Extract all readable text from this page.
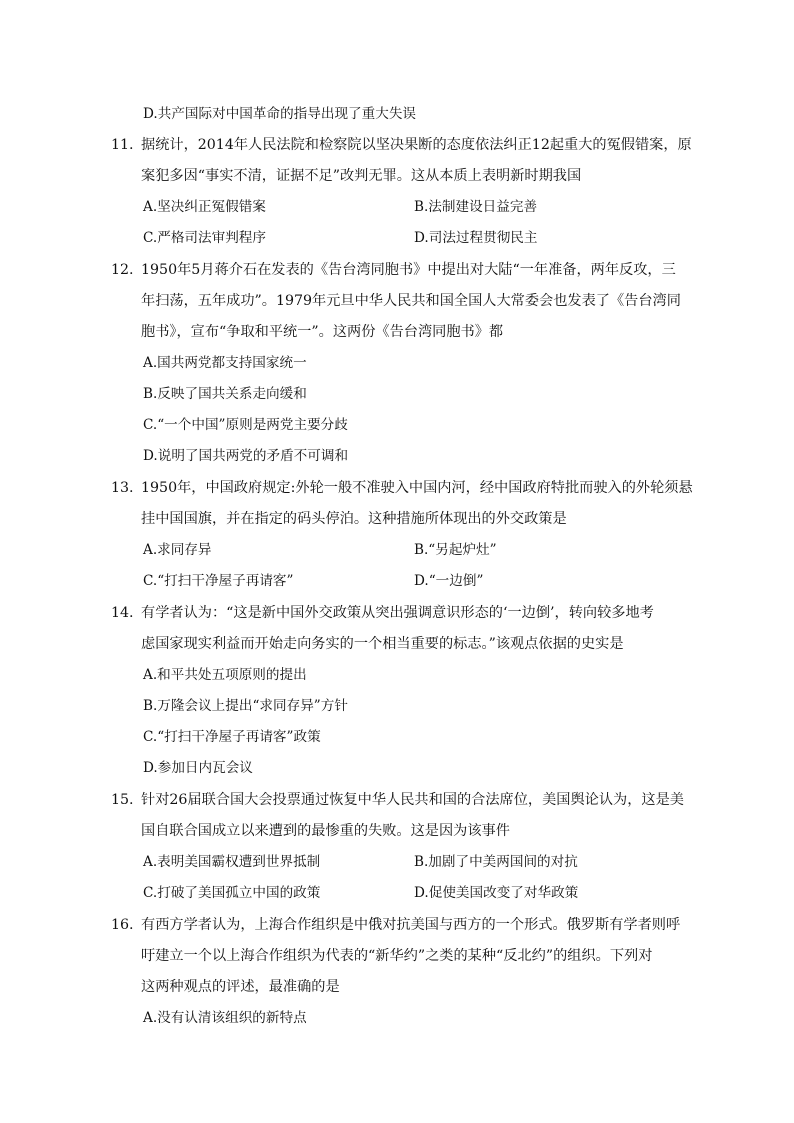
D.共产国际对中国革命的指导出现了重大失误
11. 据统计，2014年人民法院和检察院以坚决果断的态度依法纠正12起重大的冤假错案，原
案犯多因“事实不清，证据不足”改判无罪。这从本质上表明新时期我国
A.坚决纠正冤假错案	B.法制建设日益完善
C.严格司法审判程序	D.司法过程贯彻民主
12. 1950年5月蒋介石在发表的《告台湾同胞书》中提出对大陆“一年准备，两年反攻，三
年扫荡，五年成功”。1979年元旦中华人民共和国全国人大常委会也发表了《告台湾同
胞书》，宣布“争取和平统一”。这两份《告台湾同胞书》都
A.国共两党都支持国家统一
B.反映了国共关系走向缓和
C.“一个中国”原则是两党主要分歧
D.说明了国共两党的矛盾不可调和
13. 1950年，中国政府规定:外轮一般不准驶入中国内河，经中国政府特批而驶入的外轮须悬
挂中国国旗，并在指定的码头停泊。这种措施所体现出的外交政策是
A.求同存异	B.“另起炉灶”
C.“打扫干净屋子再请客”	D.“一边倒”
14. 有学者认为：“这是新中国外交政策从突出强调意识形态的‘一边倒’，转向较多地考
虑国家现实利益而开始走向务实的一个相当重要的标志。”该观点依据的史实是
A.和平共处五项原则的提出
B.万隆会议上提出“求同存异”方针
C.“打扫干净屋子再请客”政策
D.参加日内瓦会议
15. 针对26届联合国大会投票通过恢复中华人民共和国的合法席位，美国舆论认为，这是美
国自联合国成立以来遭到的最惨重的失败。这是因为该事件
A.表明美国霸权遭到世界抵制	B.加剧了中美两国间的对抗
C.打破了美国孤立中国的政策	D.促使美国改变了对华政策
16. 有西方学者认为，上海合作组织是中俄对抗美国与西方的一个形式。俄罗斯有学者则呼
吁建立一个以上海合作组织为代表的“新华约”之类的某种“反北约”的组织。下列对
这两种观点的评述，最准确的是
A.没有认清该组织的新特点
